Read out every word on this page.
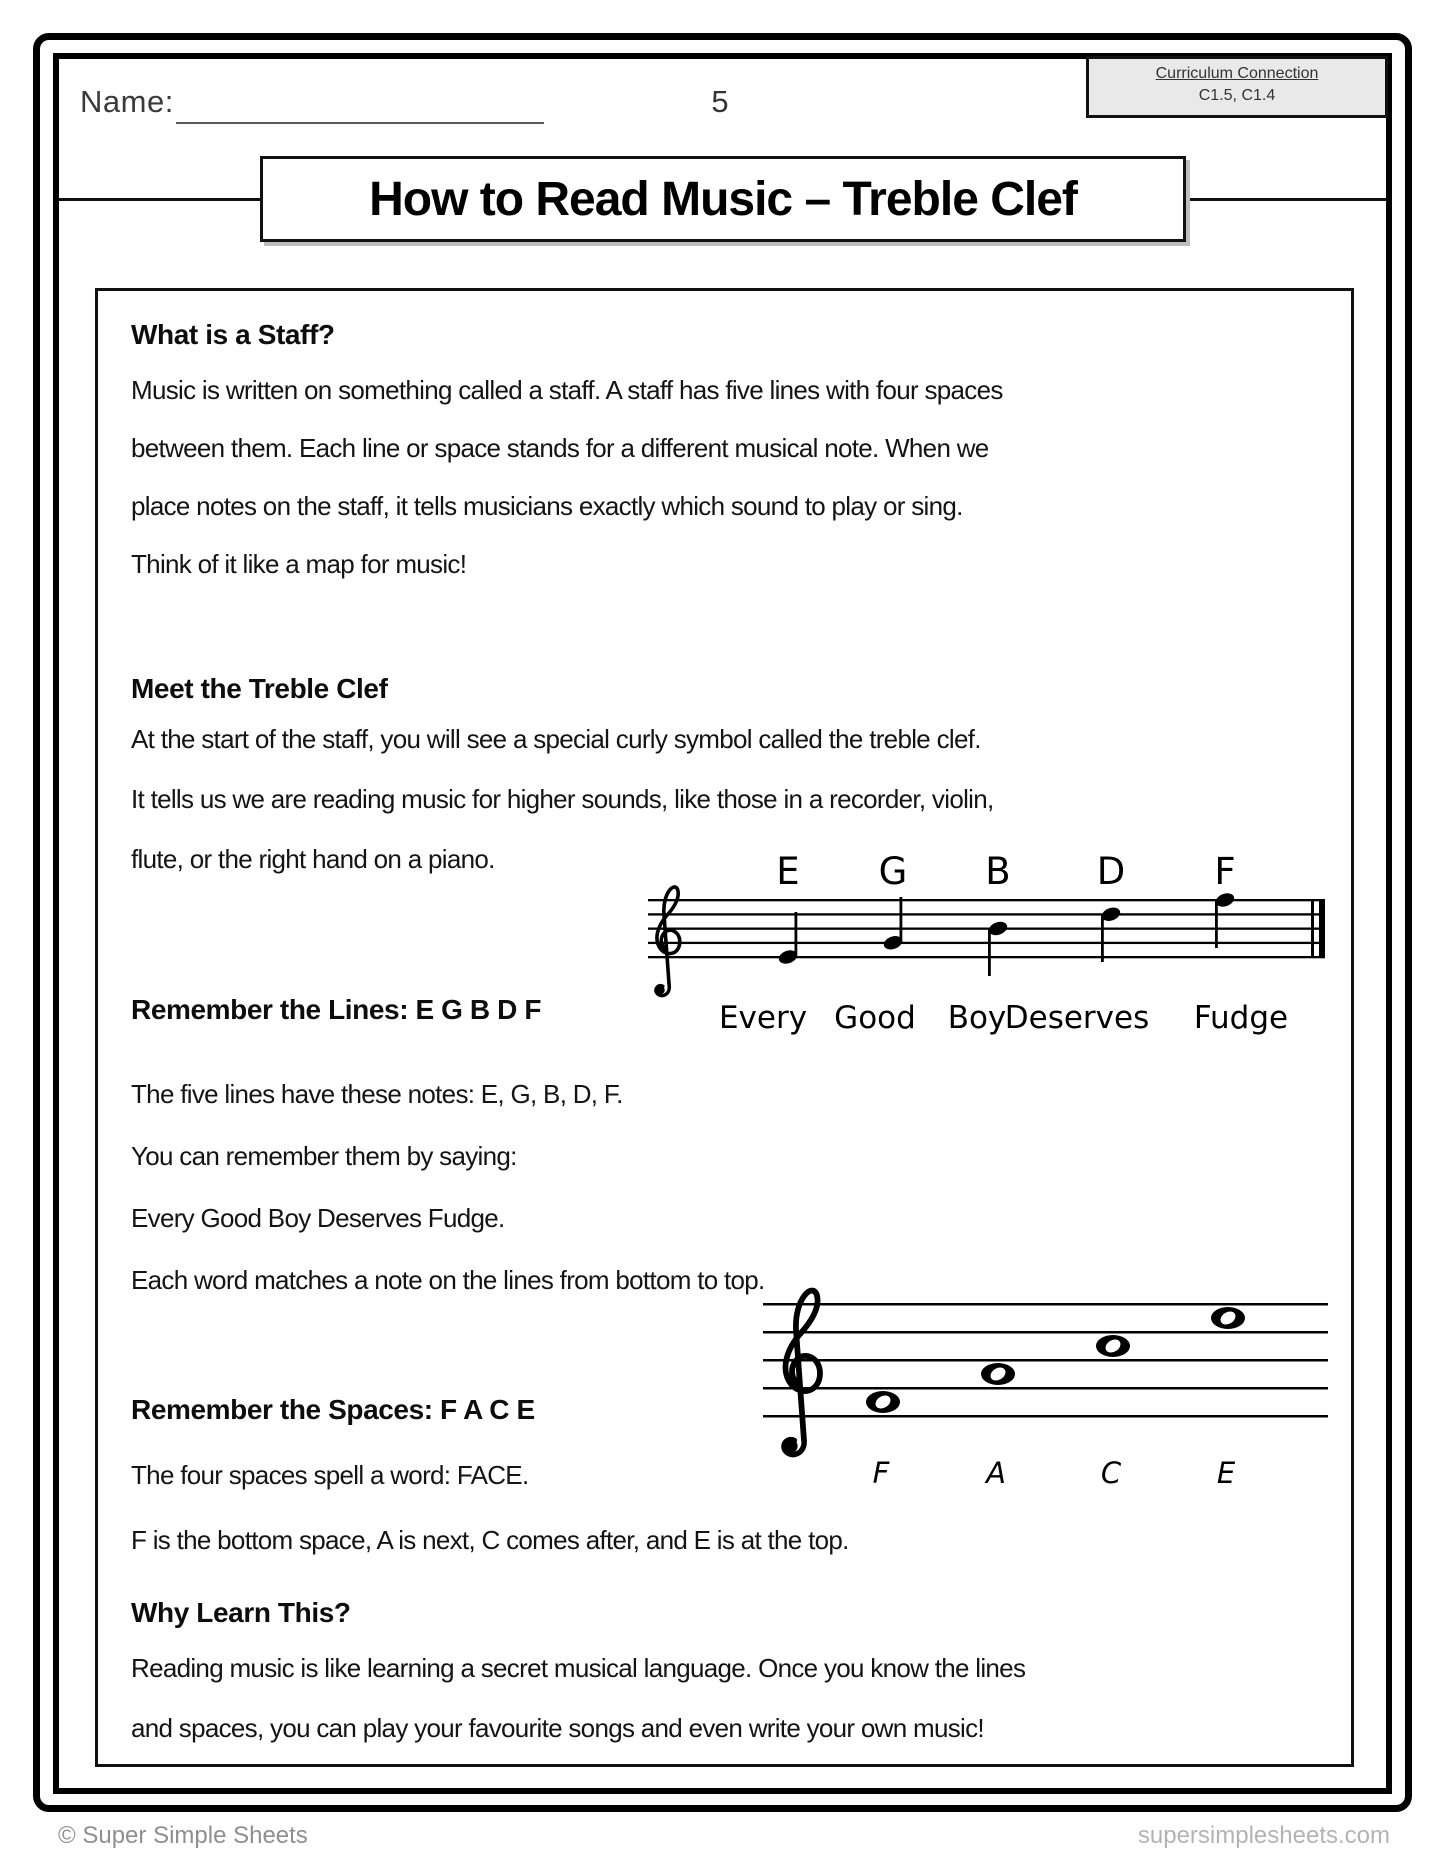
Name:	5
Curriculum Connection
C1.5, C1.4
How to Read Music – Treble Clef
What is a Staff?
Music is written on something called a staff. A staff has five lines with four spaces
between them. Each line or space stands for a different musical note. When we
place notes on the staff, it tells musicians exactly which sound to play or sing.
Think of it like a map for music!
Meet the Treble Clef
At the start of the staff, you will see a special curly symbol called the treble clef.
It tells us we are reading music for higher sounds, like those in a recorder, violin,
flute, or the right hand on a piano.	E G B D F
Every Good Boy
Deserves Fudge
Remember the Lines: E G B D F
The five lines have these notes: E, G, B, D, F.
You can remember them by saying:
Every Good Boy Deserves Fudge.
Each word matches a note on the lines from bottom to top.
F	A	C	E
Remember the Spaces: F A C E
The four spaces spell a word: FACE.
F is the bottom space, A is next, C comes after, and E is at the top.
Why Learn This?
Reading music is like learning a secret musical language. Once you know the lines
and spaces, you can play your favourite songs and even write your own music!
© Super Simple Sheets	supersimplesheets.com
